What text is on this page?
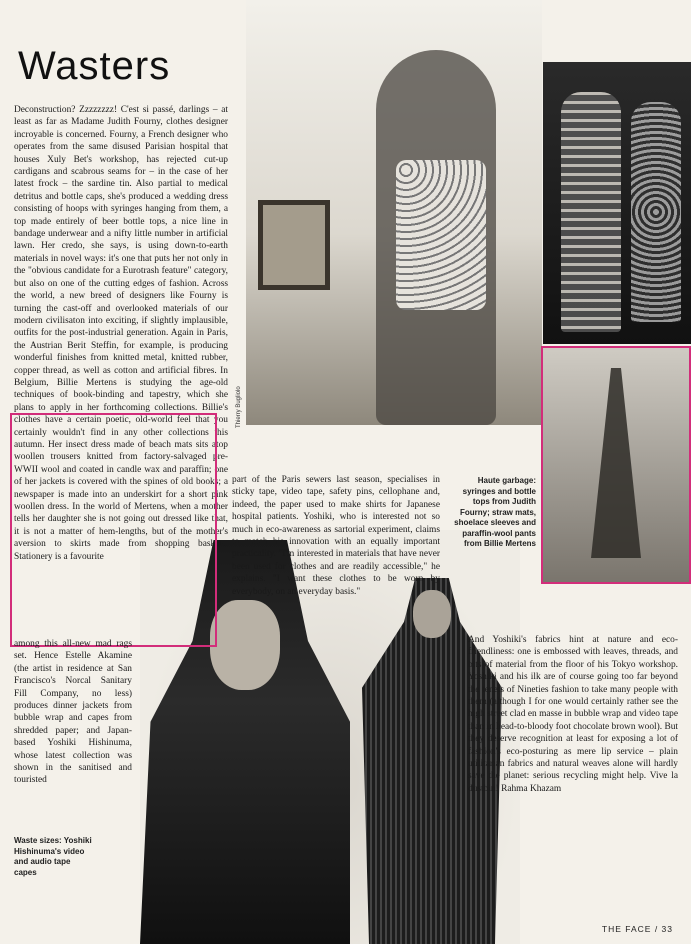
Thierry Bugliolo
Wasters

Deconstruction? Zzzzzzzz! C'est si passé, darlings – at least as far as Madame Judith Fourny, clothes designer incroyable is concerned. Fourny, a French designer who operates from the same disused Parisian hospital that houses Xuly Bet's workshop, has rejected cut-up cardigans and scabrous seams for – in the case of her latest frock – the sardine tin. Also partial to medical detritus and bottle caps, she's produced a wedding dress consisting of hoops with syringes hanging from them, a top made entirely of beer bottle tops, a nice line in bandage underwear and a nifty little number in artificial lawn. Her credo, she says, is using down-to-earth materials in novel ways: it's one that puts her not only in the "obvious candidate for a Eurotrash feature" category, but also on one of the cutting edges of fashion. Across the world, a new breed of designers like Fourny is turning the cast-off and overlooked materials of our modern civilisaton into exciting, if slightly implausible, outfits for the post-industrial generation. Again in Paris, the Austrian Berit Steffin, for example, is producing wonderful finishes from knitted metal, knitted rubber, copper thread, as well as cotton and artificial fibres. In Belgium, Billie Mertens is studying the age-old techniques of book-binding and tapestry, which she plans to apply in her forthcoming collections. Billie's clothes have a certain poetic, old-world feel that you certainly wouldn't find in any other collections this autumn. Her insect dress made of beach mats sits atop woollen trousers knitted from factory-salvaged pre-WWII wool and coated in candle wax and paraffin; one of her jackets is covered with the spines of old books; a newspaper is made into an underskirt for a short pink woollen dress. In the world of Mertens, when a mother tells her daughter she is not going out dressed like that, it is not a matter of hem-lengths, but of the mother's aversion to skirts made from shopping baskets. Stationery is a favourite

among this all-new mad rags set. Hence Estelle Akamine (the artist in residence at San Francisco's Norcal Sanitary Fill Company, no less) produces dinner jackets from bubble wrap and capes from shredded paper; and Japan-based Yoshiki Hishinuma, whose latest collection was shown in the sanitised and touristed

part of the Paris sewers last season, specialises in sticky tape, video tape, safety pins, cellophane and, indeed, the paper used to make shirts for Japanese hospital patients. Yoshiki, who is interested not so much in eco-awareness as sartorial experiment, claims to match his innovation with an equally important practicality. "I'm interested in materials that have never been used for clothes and are readily accessible," he explains. "I want these clothes to be worn by everybody, on an everyday basis."

And Yoshiki's fabrics hint at nature and eco-friendliness: one is embossed with leaves, threads, and bits of material from the floor of his Tokyo workshop. Yoshiki and his ilk are of course going too far beyond the tenets of Nineties fashion to take many people with them (although I for one would certainly rather see the high street clad en masse in bubble wrap and video tape than in head-to-bloody foot chocolate brown wool). But they deserve recognition at least for exposing a lot of fashion's eco-posturing as mere lip service – plain utilitarian fabrics and natural weaves alone will hardly save the planet: serious recycling might help. Vive la dustbin! Rahma Khazam

Haute garbage: syringes and bottle tops from Judith Fourny; straw mats, shoelace sleeves and paraffin-wool pants from Billie Mertens
Waste sizes: Yoshiki Hishinuma's video and audio tape capes
THE FACE / 33
